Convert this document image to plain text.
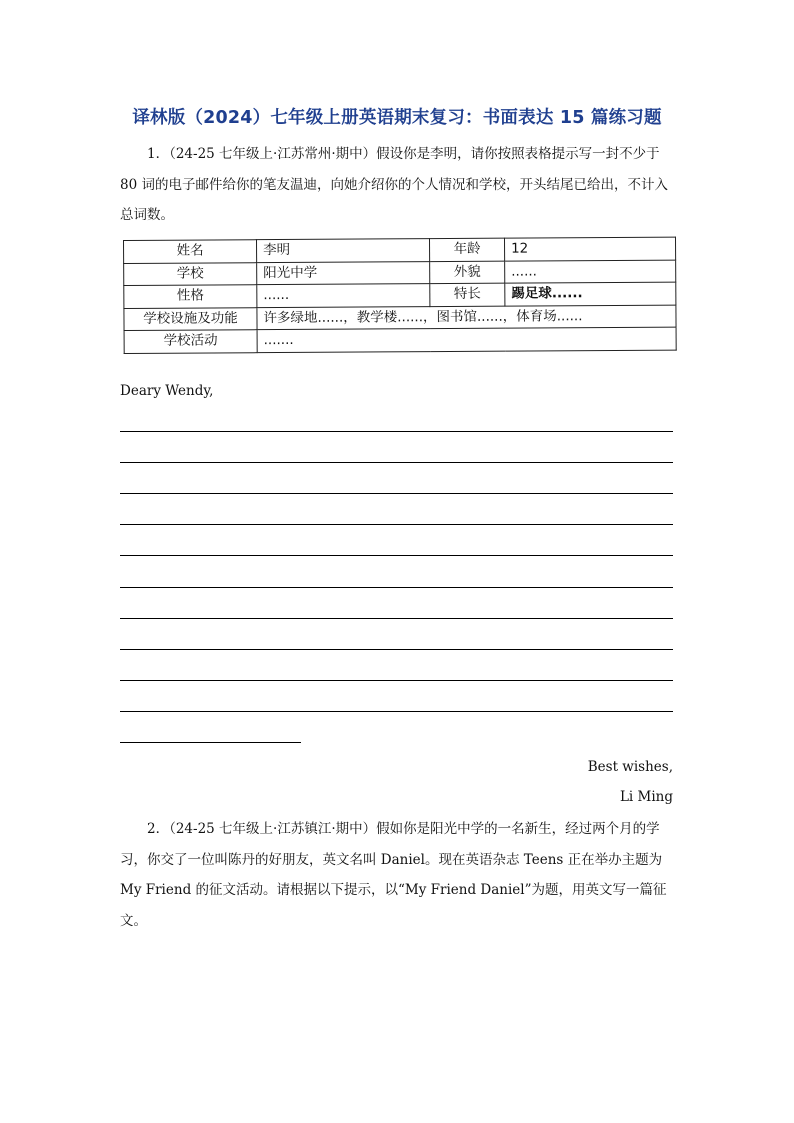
译林版（2024）七年级上册英语期末复习：书面表达 15 篇练习题

1．（24-25 七年级上·江苏常州·期中）假设你是李明，请你按照表格提示写一封不少于 80 词的电子邮件给你的笔友温迪，向她介绍你的个人情况和学校，开头结尾已给出，不计入总词数。

姓名	李明	年龄	12
学校	阳光中学	外貌	......
性格	......	特长	踢足球......
学校设施及功能	许多绿地......，教学楼......，图书馆......，体育场......		
学校活动	.......		
Deary Wendy,
Best wishes,
Li Ming

2．（24-25 七年级上·江苏镇江·期中）假如你是阳光中学的一名新生，经过两个月的学习，你交了一位叫陈丹的好朋友，英文名叫 Daniel。现在英语杂志 Teens 正在举办主题为 My Friend 的征文活动。请根据以下提示，以“My Friend Daniel”为题，用英文写一篇征文。
